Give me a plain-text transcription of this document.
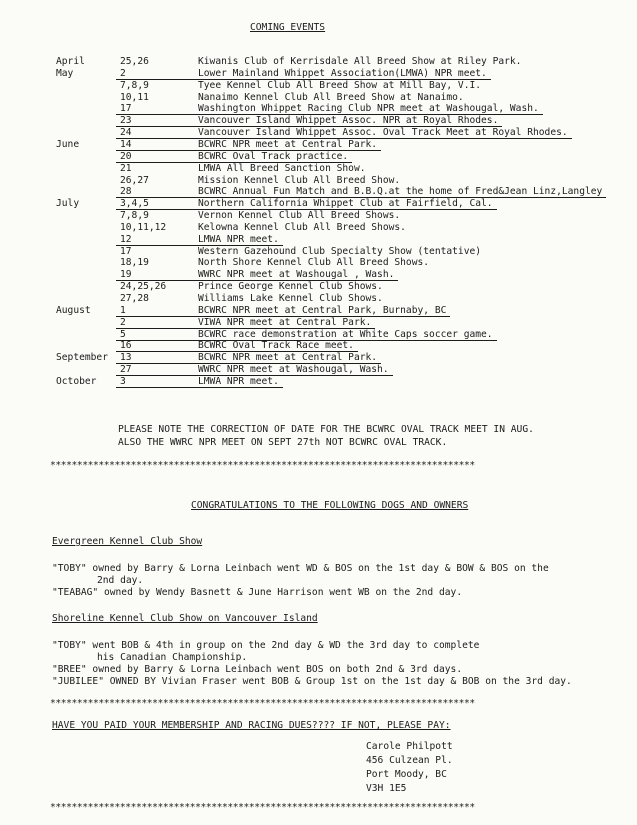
COMING EVENTS
April	25,26	Kiwanis Club of Kerrisdale All Breed Show at Riley Park.
May	2	Lower Mainland Whippet Association(LMWA) NPR meet.
7,8,9	Tyee Kennel Club All Breed Show at Mill Bay, V.I.
10,11	Nanaimo Kennel Club All Breed Show at Nanaimo.
17	Washington Whippet Racing Club NPR meet at Washougal, Wash.
23	Vancouver Island Whippet Assoc. NPR at Royal Rhodes.
24	Vancouver Island Whippet Assoc. Oval Track Meet at Royal Rhodes.
June	14	BCWRC NPR meet at Central Park.
20	BCWRC Oval Track practice.
21	LMWA All Breed Sanction Show.
26,27	Mission Kennel Club All Breed Show.
28	BCWRC Annual Fun Match and B.B.Q.at the home of Fred&Jean Linz,Langley
July	3,4,5	Northern California Whippet Club at Fairfield, Cal.
7,8,9	Vernon Kennel Club All Breed Shows.
10,11,12	Kelowna Kennel Club All Breed Shows.
12	LMWA NPR meet.
17	Western Gazehound Club Specialty Show (tentative)
18,19	North Shore Kennel Club All Breed Shows.
19	WWRC NPR meet at Washougal , Wash.
24,25,26	Prince George Kennel Club Shows.
27,28	Williams Lake Kennel Club Shows.
August	1	BCWRC NPR meet at Central Park, Burnaby, BC
2	VIWA NPR meet at Central Park.
5	BCWRC race demonstration at White Caps soccer game.
16	BCWRC Oval Track Race meet.
September 13	BCWRC NPR meet at Central Park.
27	WWRC NPR meet at Washougal, Wash.
October 3	LMWA NPR meet.
PLEASE NOTE THE CORRECTION OF DATE FOR THE BCWRC OVAL TRACK MEET IN AUG.
ALSO THE WWRC NPR MEET ON SEPT 27th NOT BCWRC OVAL TRACK.
*******************************************************************************
CONGRATULATIONS TO THE FOLLOWING DOGS AND OWNERS
Evergreen Kennel Club Show
"TOBY" owned by Barry & Lorna Leinbach went WD & BOS on the 1st day & BOW & BOS on the
2nd day.
"TEABAG" owned by Wendy Basnett & June Harrison went WB on the 2nd day.
Shoreline Kennel Club Show on Vancouver Island
"TOBY" went BOB & 4th in group on the 2nd day & WD the 3rd day to complete
his Canadian Championship.
"BREE" owned by Barry & Lorna Leinbach went BOS on both 2nd & 3rd days.
"JUBILEE" OWNED BY Vivian Fraser went BOB & Group 1st on the 1st day & BOB on the 3rd day.
*******************************************************************************
HAVE YOU PAID YOUR MEMBERSHIP AND RACING DUES???? IF NOT, PLEASE PAY:
Carole Philpott
456 Culzean Pl.
Port Moody, BC
V3H 1E5
*******************************************************************************
